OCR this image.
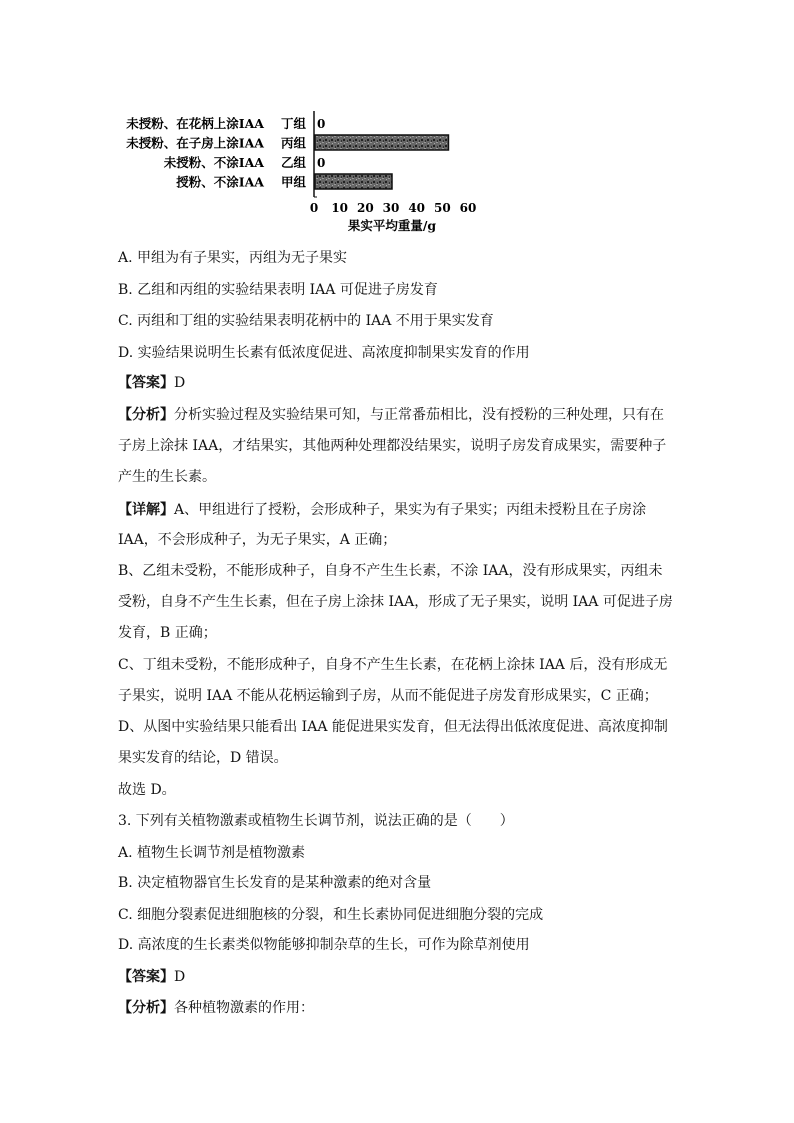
未授粉、在花柄上涂IAA 丁组 0
未授粉、在子房上涂IAA 丙组
未授粉、不涂IAA 乙组 0
授粉、不涂IAA 甲组
0 10 20 30 40 50 60
果实平均重量/g
A. 甲组为有子果实，丙组为无子果实
B. 乙组和丙组的实验结果表明 IAA 可促进子房发育
C. 丙组和丁组的实验结果表明花柄中的 IAA 不用于果实发育
D. 实验结果说明生长素有低浓度促进、高浓度抑制果实发育的作用
【答案】D
【分析】分析实验过程及实验结果可知，与正常番茄相比，没有授粉的三种处理，只有在
子房上涂抹 IAA，才结果实，其他两种处理都没结果实，说明子房发育成果实，需要种子
产生的生长素。
【详解】A、甲组进行了授粉，会形成种子，果实为有子果实；丙组未授粉且在子房涂
IAA，不会形成种子，为无子果实，A 正确；
B、乙组未受粉，不能形成种子，自身不产生生长素，不涂 IAA，没有形成果实，丙组未
受粉，自身不产生生长素，但在子房上涂抹 IAA，形成了无子果实，说明 IAA 可促进子房
发育，B 正确；
C、丁组未受粉，不能形成种子，自身不产生生长素，在花柄上涂抹 IAA 后，没有形成无
子果实，说明 IAA 不能从花柄运输到子房，从而不能促进子房发育形成果实，C 正确；
D、从图中实验结果只能看出 IAA 能促进果实发育，但无法得出低浓度促进、高浓度抑制
果实发育的结论，D 错误。
故选 D。
3. 下列有关植物激素或植物生长调节剂，说法正确的是（　　）
A. 植物生长调节剂是植物激素
B. 决定植物器官生长发育的是某种激素的绝对含量
C. 细胞分裂素促进细胞核的分裂，和生长素协同促进细胞分裂的完成
D. 高浓度的生长素类似物能够抑制杂草的生长，可作为除草剂使用
【答案】D
【分析】各种植物激素的作用：
